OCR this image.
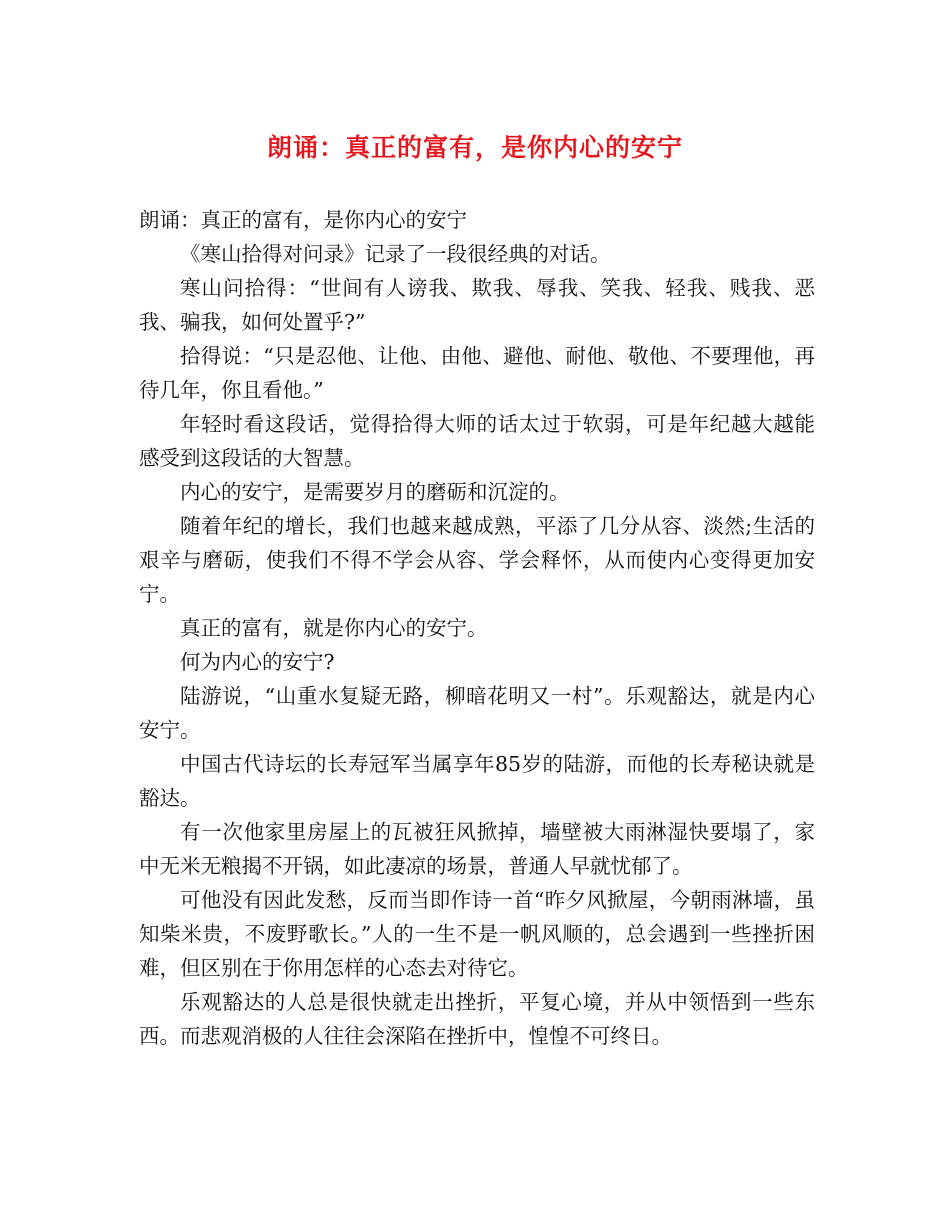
朗诵：真正的富有，是你内心的安宁

朗诵：真正的富有，是你内心的安宁

《寒山拾得对问录》记录了一段很经典的对话。

寒山问拾得：“世间有人谤我、欺我、辱我、笑我、轻我、贱我、恶我、骗我，如何处置乎?”

拾得说：“只是忍他、让他、由他、避他、耐他、敬他、不要理他，再待几年，你且看他。”

年轻时看这段话，觉得拾得大师的话太过于软弱，可是年纪越大越能感受到这段话的大智慧。

内心的安宁，是需要岁月的磨砺和沉淀的。

随着年纪的增长，我们也越来越成熟，平添了几分从容、淡然;生活的艰辛与磨砺，使我们不得不学会从容、学会释怀，从而使内心变得更加安宁。

真正的富有，就是你内心的安宁。

何为内心的安宁?

陆游说，“山重水复疑无路，柳暗花明又一村”。乐观豁达，就是内心安宁。

中国古代诗坛的长寿冠军当属享年85岁的陆游，而他的长寿秘诀就是豁达。

有一次他家里房屋上的瓦被狂风掀掉，墙壁被大雨淋湿快要塌了，家中无米无粮揭不开锅，如此凄凉的场景，普通人早就忧郁了。

可他没有因此发愁，反而当即作诗一首“昨夕风掀屋，今朝雨淋墙，虽知柴米贵，不废野歌长。”人的一生不是一帆风顺的，总会遇到一些挫折困难，但区别在于你用怎样的心态去对待它。

乐观豁达的人总是很快就走出挫折，平复心境，并从中领悟到一些东西。而悲观消极的人往往会深陷在挫折中，惶惶不可终日。
